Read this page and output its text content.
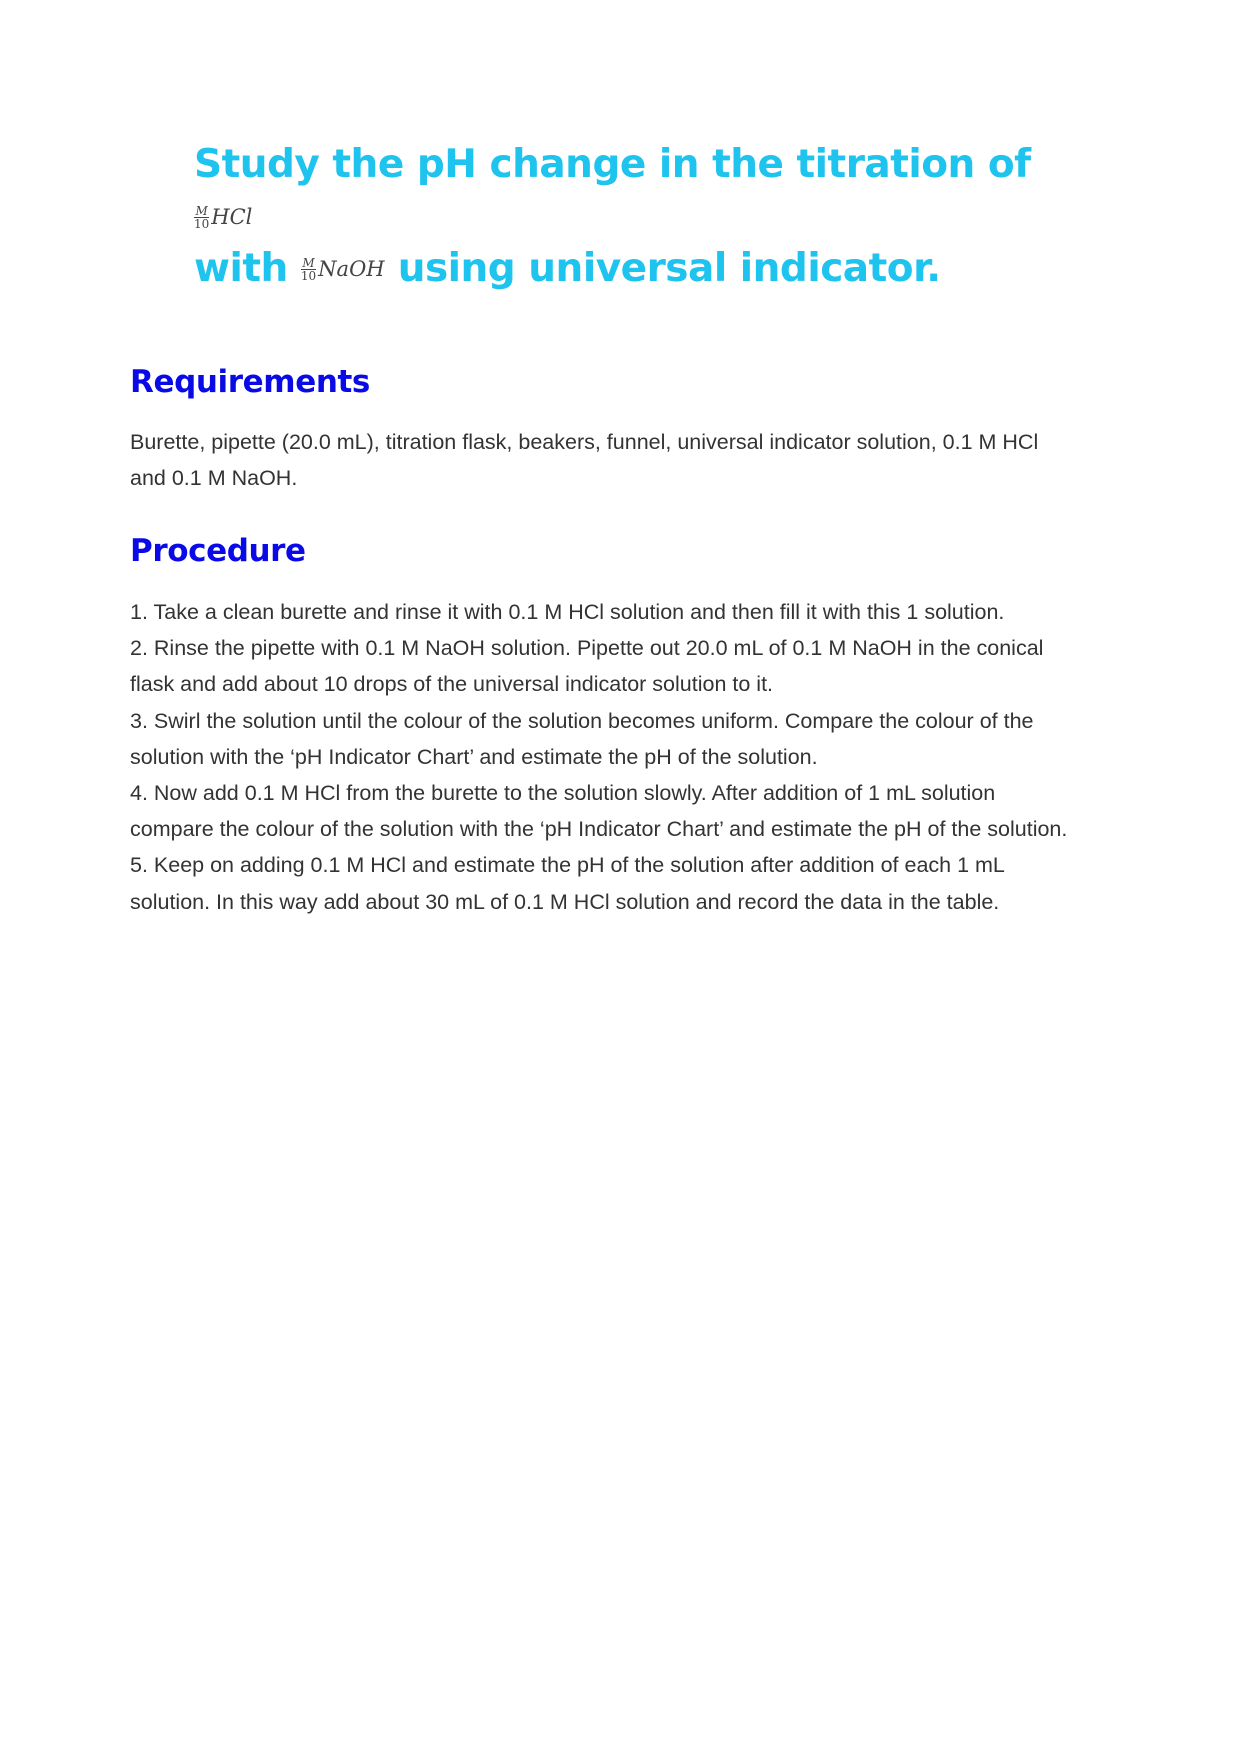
Study the pH change in the titration of
$\frac{M}{10}$ HCl
with $\frac{M}{10}$ NaOH using universal indicator.
Requirements

Burette, pipette (20.0 mL), titration flask, beakers, funnel, universal indicator solution, 0.1 M HCl and 0.1 M NaOH.

Procedure
1. Take a clean burette and rinse it with 0.1 M HCl solution and then fill it with this 1 solution.
2. Rinse the pipette with 0.1 M NaOH solution. Pipette out 20.0 mL of 0.1 M NaOH in the conical flask and add about 10 drops of the universal indicator solution to it.
3. Swirl the solution until the colour of the solution becomes uniform. Compare the colour of the solution with the ‘pH Indicator Chart’ and estimate the pH of the solution.
4. Now add 0.1 M HCl from the burette to the solution slowly. After addition of 1 mL solution compare the colour of the solution with the ‘pH Indicator Chart’ and estimate the pH of the solution.
5. Keep on adding 0.1 M HCl and estimate the pH of the solution after addition of each 1 mL solution. In this way add about 30 mL of 0.1 M HCl solution and record the data in the table.
